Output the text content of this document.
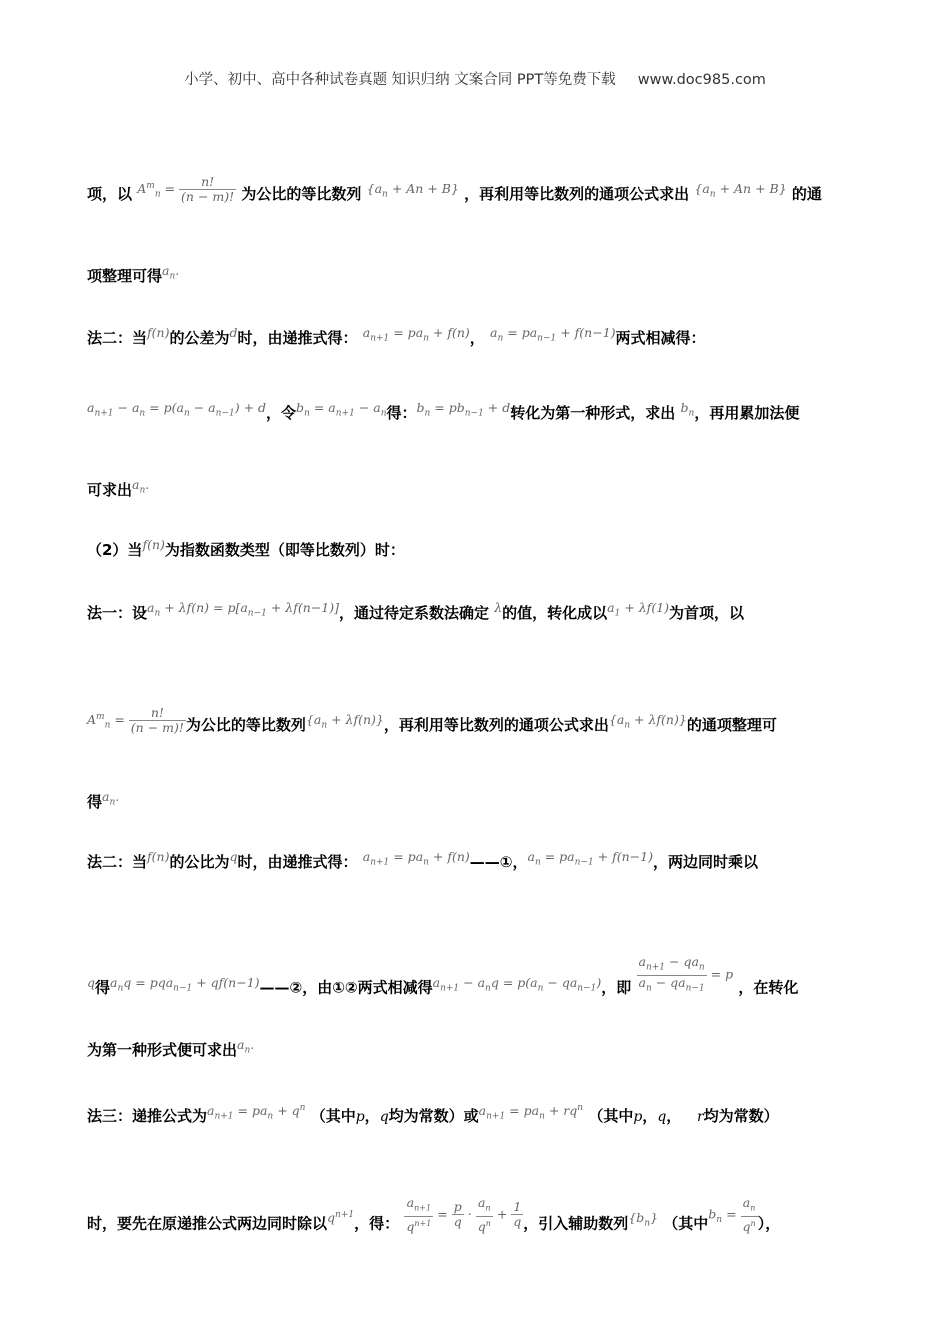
小学、初中、高中各种试卷真题 知识归纳 文案合同 PPT等免费下载 www.doc985.com
项，以 $A^m_n = \frac{n!}{(n - m)!}$ 为公比的等比数列 $\{a_n + An + B\}$ ，再利用等比数列的通项公式求出 $\{a_n + An + B\}$ 的通
项整理可得$a_n$.
法二：当f(n)的公差为d时，由递推式得： $a_{n+1} = pa_n + f(n)$， $a_n = pa_{n-1} + f(n-1)$两式相减得：
$a_{n+1} - a_n = p(a_n - a_{n-1}) + d$，令$b_n = a_{n+1} - a_n$得：$b_n = pb_{n-1} + d$转化为第一种形式，求出 $b_n$，再用累加法便
可求出$a_n$.
（2）当f(n)为指数函数类型（即等比数列）时：
法一：设$a_n + \lambda f(n) = p[a_{n-1} + \lambda f(n-1)]$，通过待定系数法确定 λ的值，转化成以$a_1 + \lambda f(1)$为首项，以
$A^m_n = \frac{n!}{(n - m)!}$ 为公比的等比数列$\{a_n + \lambda f(n)\}$，再利用等比数列的通项公式求出$\{a_n + \lambda f(n)\}$的通项整理可
得$a_n$.
法二：当f(n)的公比为q时，由递推式得： $a_{n+1} = pa_n$ + f(n)——①，$a_n = pa_{n-1} + f(n-1)$，两边同时乘以
q得$a_nq = pqa_{n-1}$ + qf(n−1)——②，由①②两式相减得$a_{n+1} - a_nq = p(a_n - qa_{n-1})$，即 $\frac{a_{n+1} - qa_n}{a_n - qa_{n-1}} = p$ ，在转化
为第一种形式便可求出$a_n$.
法三：递推公式为$a_{n+1} = pa_n + q^n$ （其中p，q均为常数）或$a_{n+1} = pa_n + rq^n$ （其中p，q， r均为常数）
时，要先在原递推公式两边同时除以$q^{n+1}$，得： $\frac{a_{n+1}}{q^{n+1}} = \frac{p}{q} \cdot \frac{a_n}{q^n} + \frac{1}{q}$ ，引入辅助数列$\{b_n\}$ （其中$b_n = \frac{a_n}{q^n}$ ），
